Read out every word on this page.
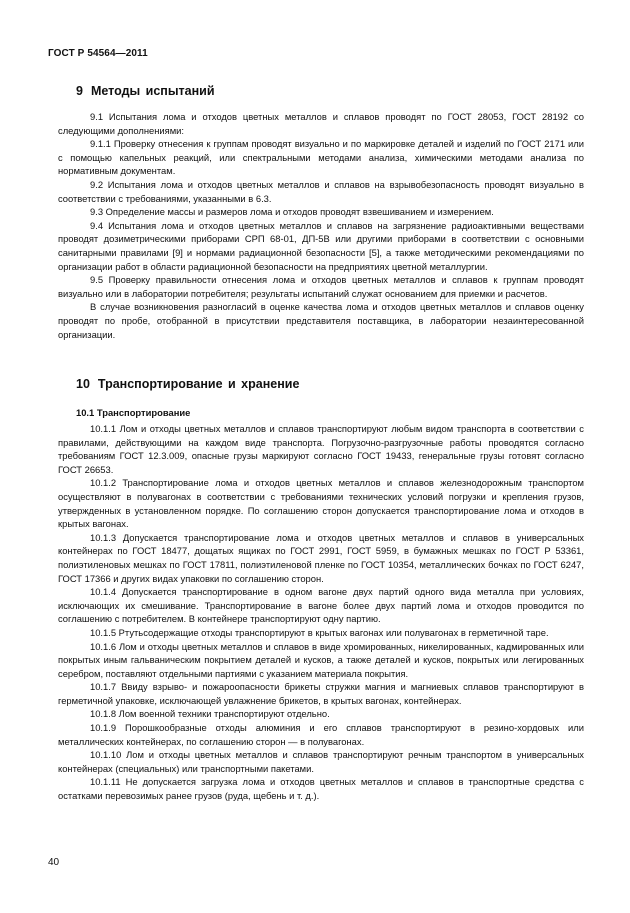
ГОСТ Р 54564—2011
9 Методы испытаний

9.1 Испытания лома и отходов цветных металлов и сплавов проводят по ГОСТ 28053, ГОСТ 28192 со следующими дополнениями:

9.1.1 Проверку отнесения к группам проводят визуально и по маркировке деталей и изделий по ГОСТ 2171 или с помощью капельных реакций, или спектральными методами анализа, химическими методами анализа по нормативным документам.

9.2 Испытания лома и отходов цветных металлов и сплавов на взрывобезопасность проводят визуально в соответствии с требованиями, указанными в 6.3.

9.3 Определение массы и размеров лома и отходов проводят взвешиванием и измерением.

9.4 Испытания лома и отходов цветных металлов и сплавов на загрязнение радиоактивными веществами проводят дозиметрическими приборами СРП 68-01, ДП-5В или другими приборами в соответствии с основными санитарными правилами [9] и нормами радиационной безопасности [5], а также методическими рекомендациями по организации работ в области радиационной безопасности на предприятиях цветной металлургии.

9.5 Проверку правильности отнесения лома и отходов цветных металлов и сплавов к группам проводят визуально или в лаборатории потребителя; результаты испытаний служат основанием для приемки и расчетов.

В случае возникновения разногласий в оценке качества лома и отходов цветных металлов и сплавов оценку проводят по пробе, отобранной в присутствии представителя поставщика, в лаборатории незаинтересованной организации.

10 Транспортирование и хранение
10.1 Транспортирование

10.1.1 Лом и отходы цветных металлов и сплавов транспортируют любым видом транспорта в соответствии с правилами, действующими на каждом виде транспорта. Погрузочно-разгрузочные работы проводятся согласно требованиям ГОСТ 12.3.009, опасные грузы маркируют согласно ГОСТ 19433, генеральные грузы готовят согласно ГОСТ 26653.

10.1.2 Транспортирование лома и отходов цветных металлов и сплавов железнодорожным транспортом осуществляют в полувагонах в соответствии с требованиями технических условий погрузки и крепления грузов, утвержденных в установленном порядке. По соглашению сторон допускается транспортирование лома и отходов в крытых вагонах.

10.1.3 Допускается транспортирование лома и отходов цветных металлов и сплавов в универсальных контейнерах по ГОСТ 18477, дощатых ящиках по ГОСТ 2991, ГОСТ 5959, в бумажных мешках по ГОСТ Р 53361, полиэтиленовых мешках по ГОСТ 17811, полиэтиленовой пленке по ГОСТ 10354, металлических бочках по ГОСТ 6247, ГОСТ 17366 и других видах упаковки по соглашению сторон.

10.1.4 Допускается транспортирование в одном вагоне двух партий одного вида металла при условиях, исключающих их смешивание. Транспортирование в вагоне более двух партий лома и отходов проводится по соглашению с потребителем. В контейнере транспортируют одну партию.

10.1.5 Ртутьсодержащие отходы транспортируют в крытых вагонах или полувагонах в герметичной таре.

10.1.6 Лом и отходы цветных металлов и сплавов в виде хромированных, никелированных, кадмированных или покрытых иным гальваническим покрытием деталей и кусков, а также деталей и кусков, покрытых или легированных серебром, поставляют отдельными партиями с указанием материала покрытия.

10.1.7 Ввиду взрыво- и пожароопасности брикеты стружки магния и магниевых сплавов транспортируют в герметичной упаковке, исключающей увлажнение брикетов, в крытых вагонах, контейнерах.

10.1.8 Лом военной техники транспортируют отдельно.

10.1.9 Порошкообразные отходы алюминия и его сплавов транспортируют в резино-хордовых или металлических контейнерах, по соглашению сторон — в полувагонах.

10.1.10 Лом и отходы цветных металлов и сплавов транспортируют речным транспортом в универсальных контейнерах (специальных) или транспортными пакетами.

10.1.11 Не допускается загрузка лома и отходов цветных металлов и сплавов в транспортные средства с остатками перевозимых ранее грузов (руда, щебень и т. д.).

40
